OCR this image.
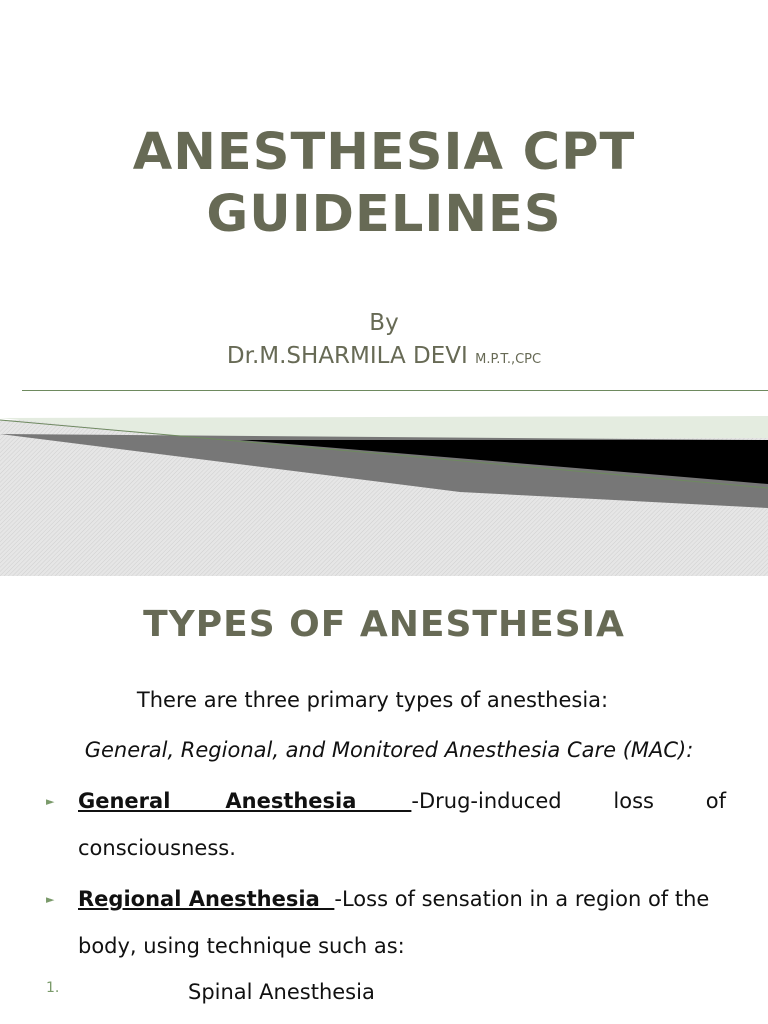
ANESTHESIA CPT
GUIDELINES
By
Dr.M.SHARMILA DEVI M.P.T.,CPC
TYPES OF ANESTHESIA
There are three primary types of anesthesia:
General, Regional, and Monitored Anesthesia Care (MAC):
► General     Anesthesia     -Drug-induced     loss     of consciousness.
► Regional Anesthesia  -Loss of sensation in a region of the body, using technique such as:
1.	Spinal Anesthesia
